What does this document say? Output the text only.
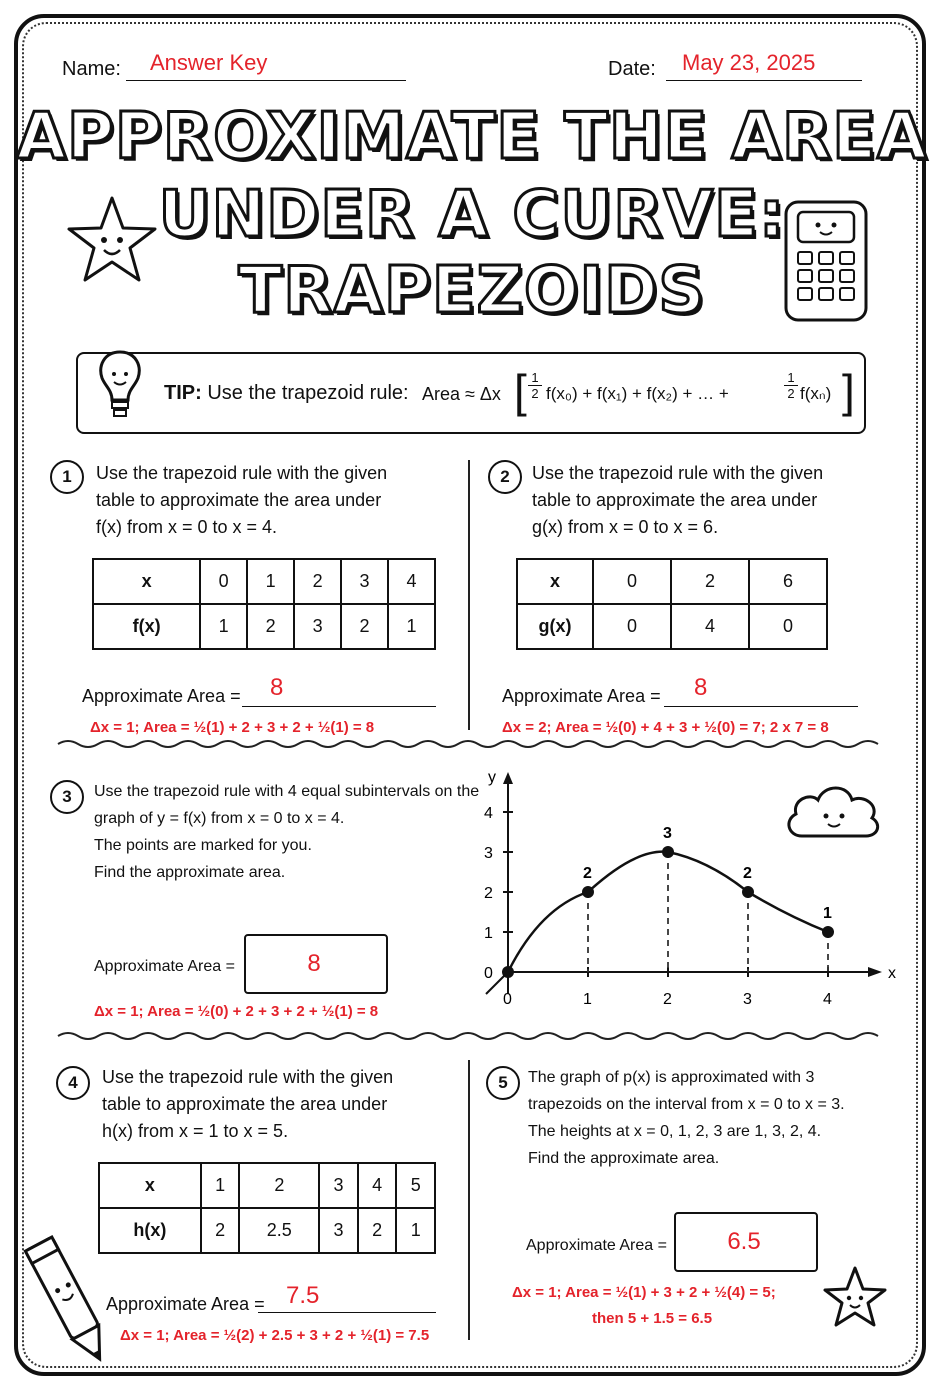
Name: Answer Key	Date: May 23, 2025
APPROXIMATE THE AREA
UNDER A CURVE:
TRAPEZOIDS
TIP: Use the trapezoid rule: Area ≈ Δx [ 1
2 f(x₀) + f(x₁) + f(x₂) + … +
1
2 f(xₙ) ]
1	Use the trapezoid rule with the given
table to approximate the area under
f(x) from x = 0 to x = 4.
x	0	1	2	3	4
f(x)	1	2	3	2	1
Approximate Area = 8
Δx = 1; Area = ½(1) + 2 + 3 + 2 + ½(1) = 8
2	Use the trapezoid rule with the given
table to approximate the area under
g(x) from x = 0 to x = 6.
x	0	2	6
g(x)	0	4	0
Approximate Area = 8
Δx = 2; Area = ½(0) + 4 + 3 + ½(0) = 7; 2 x 7 = 8
3	Use the trapezoid rule with 4 equal subintervals on the
graph of y = f(x) from x = 0 to x = 4.
The points are marked for you.
Find the approximate area.
Approximate Area =	8
Δx = 1; Area = ½(0) + 2 + 3 + 2 + ½(1) = 8
y
x
4
3
2
1
0
0	1	2	3	4
2
3
2
1
4	Use the trapezoid rule with the given
table to approximate the area under
h(x) from x = 1 to x = 5.
x	1	2	3	4	5
h(x)	2	2.5	3	2	1
Approximate Area = 7.5
Δx = 1; Area = ½(2) + 2.5 + 3 + 2 + ½(1) = 7.5
5	The graph of p(x) is approximated with 3
trapezoids on the interval from x = 0 to x = 3.
The heights at x = 0, 1, 2, 3 are 1, 3, 2, 4.
Find the approximate area.
Approximate Area =	6.5
Δx = 1; Area = ½(1) + 3 + 2 + ½(4) = 5;
then 5 + 1.5 = 6.5
